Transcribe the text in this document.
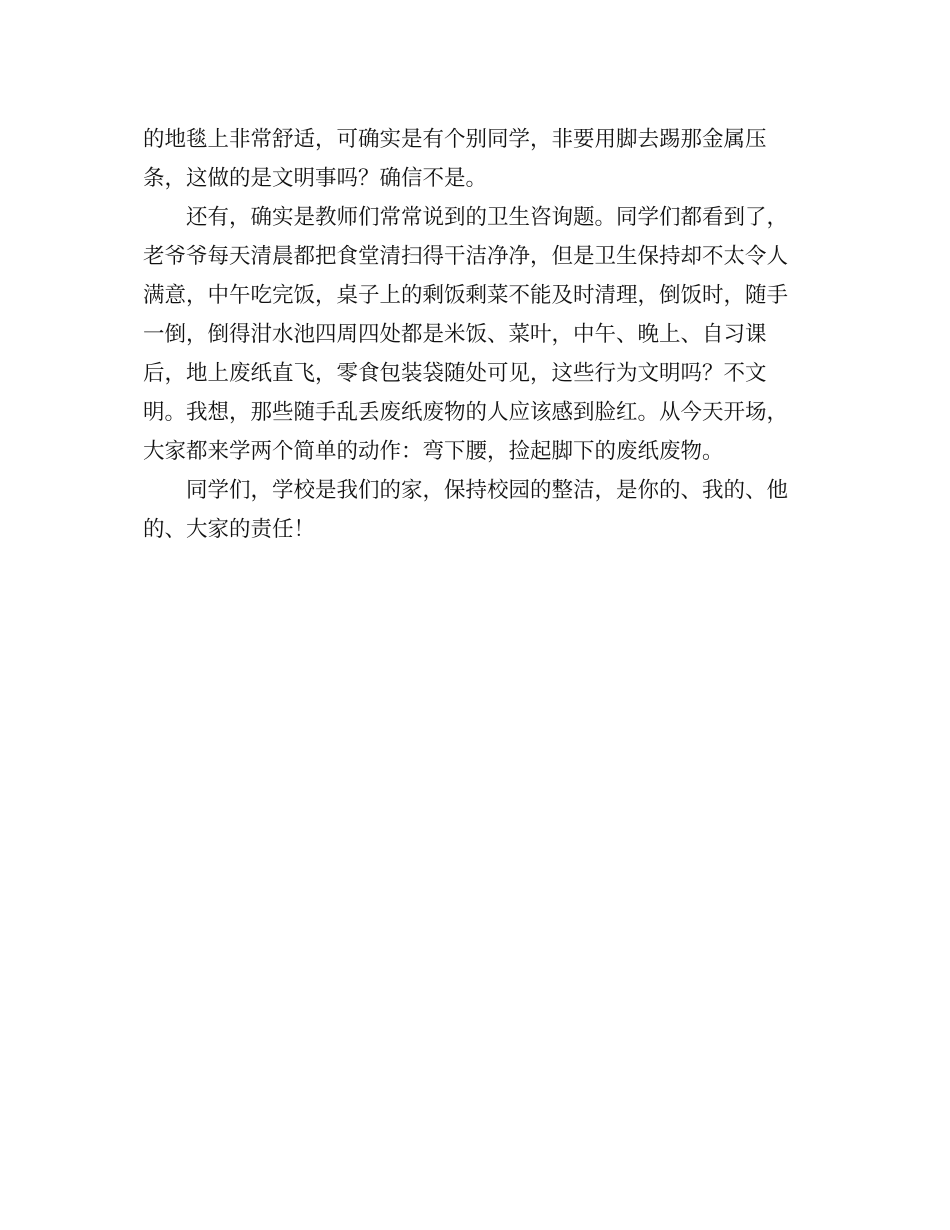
的地毯上非常舒适，可确实是有个别同学，非要用脚去踢那金属压
条，这做的是文明事吗？确信不是。
还有，确实是教师们常常说到的卫生咨询题。同学们都看到了，
老爷爷每天清晨都把食堂清扫得干洁净净，但是卫生保持却不太令人
满意，中午吃完饭，桌子上的剩饭剩菜不能及时清理，倒饭时，随手
一倒，倒得泔水池四周四处都是米饭、菜叶，中午、晚上、自习课
后，地上废纸直飞，零食包装袋随处可见，这些行为文明吗？不文
明。我想，那些随手乱丢废纸废物的人应该感到脸红。从今天开场，
大家都来学两个简单的动作：弯下腰，捡起脚下的废纸废物。
同学们，学校是我们的家，保持校园的整洁，是你的、我的、他
的、大家的责任！
